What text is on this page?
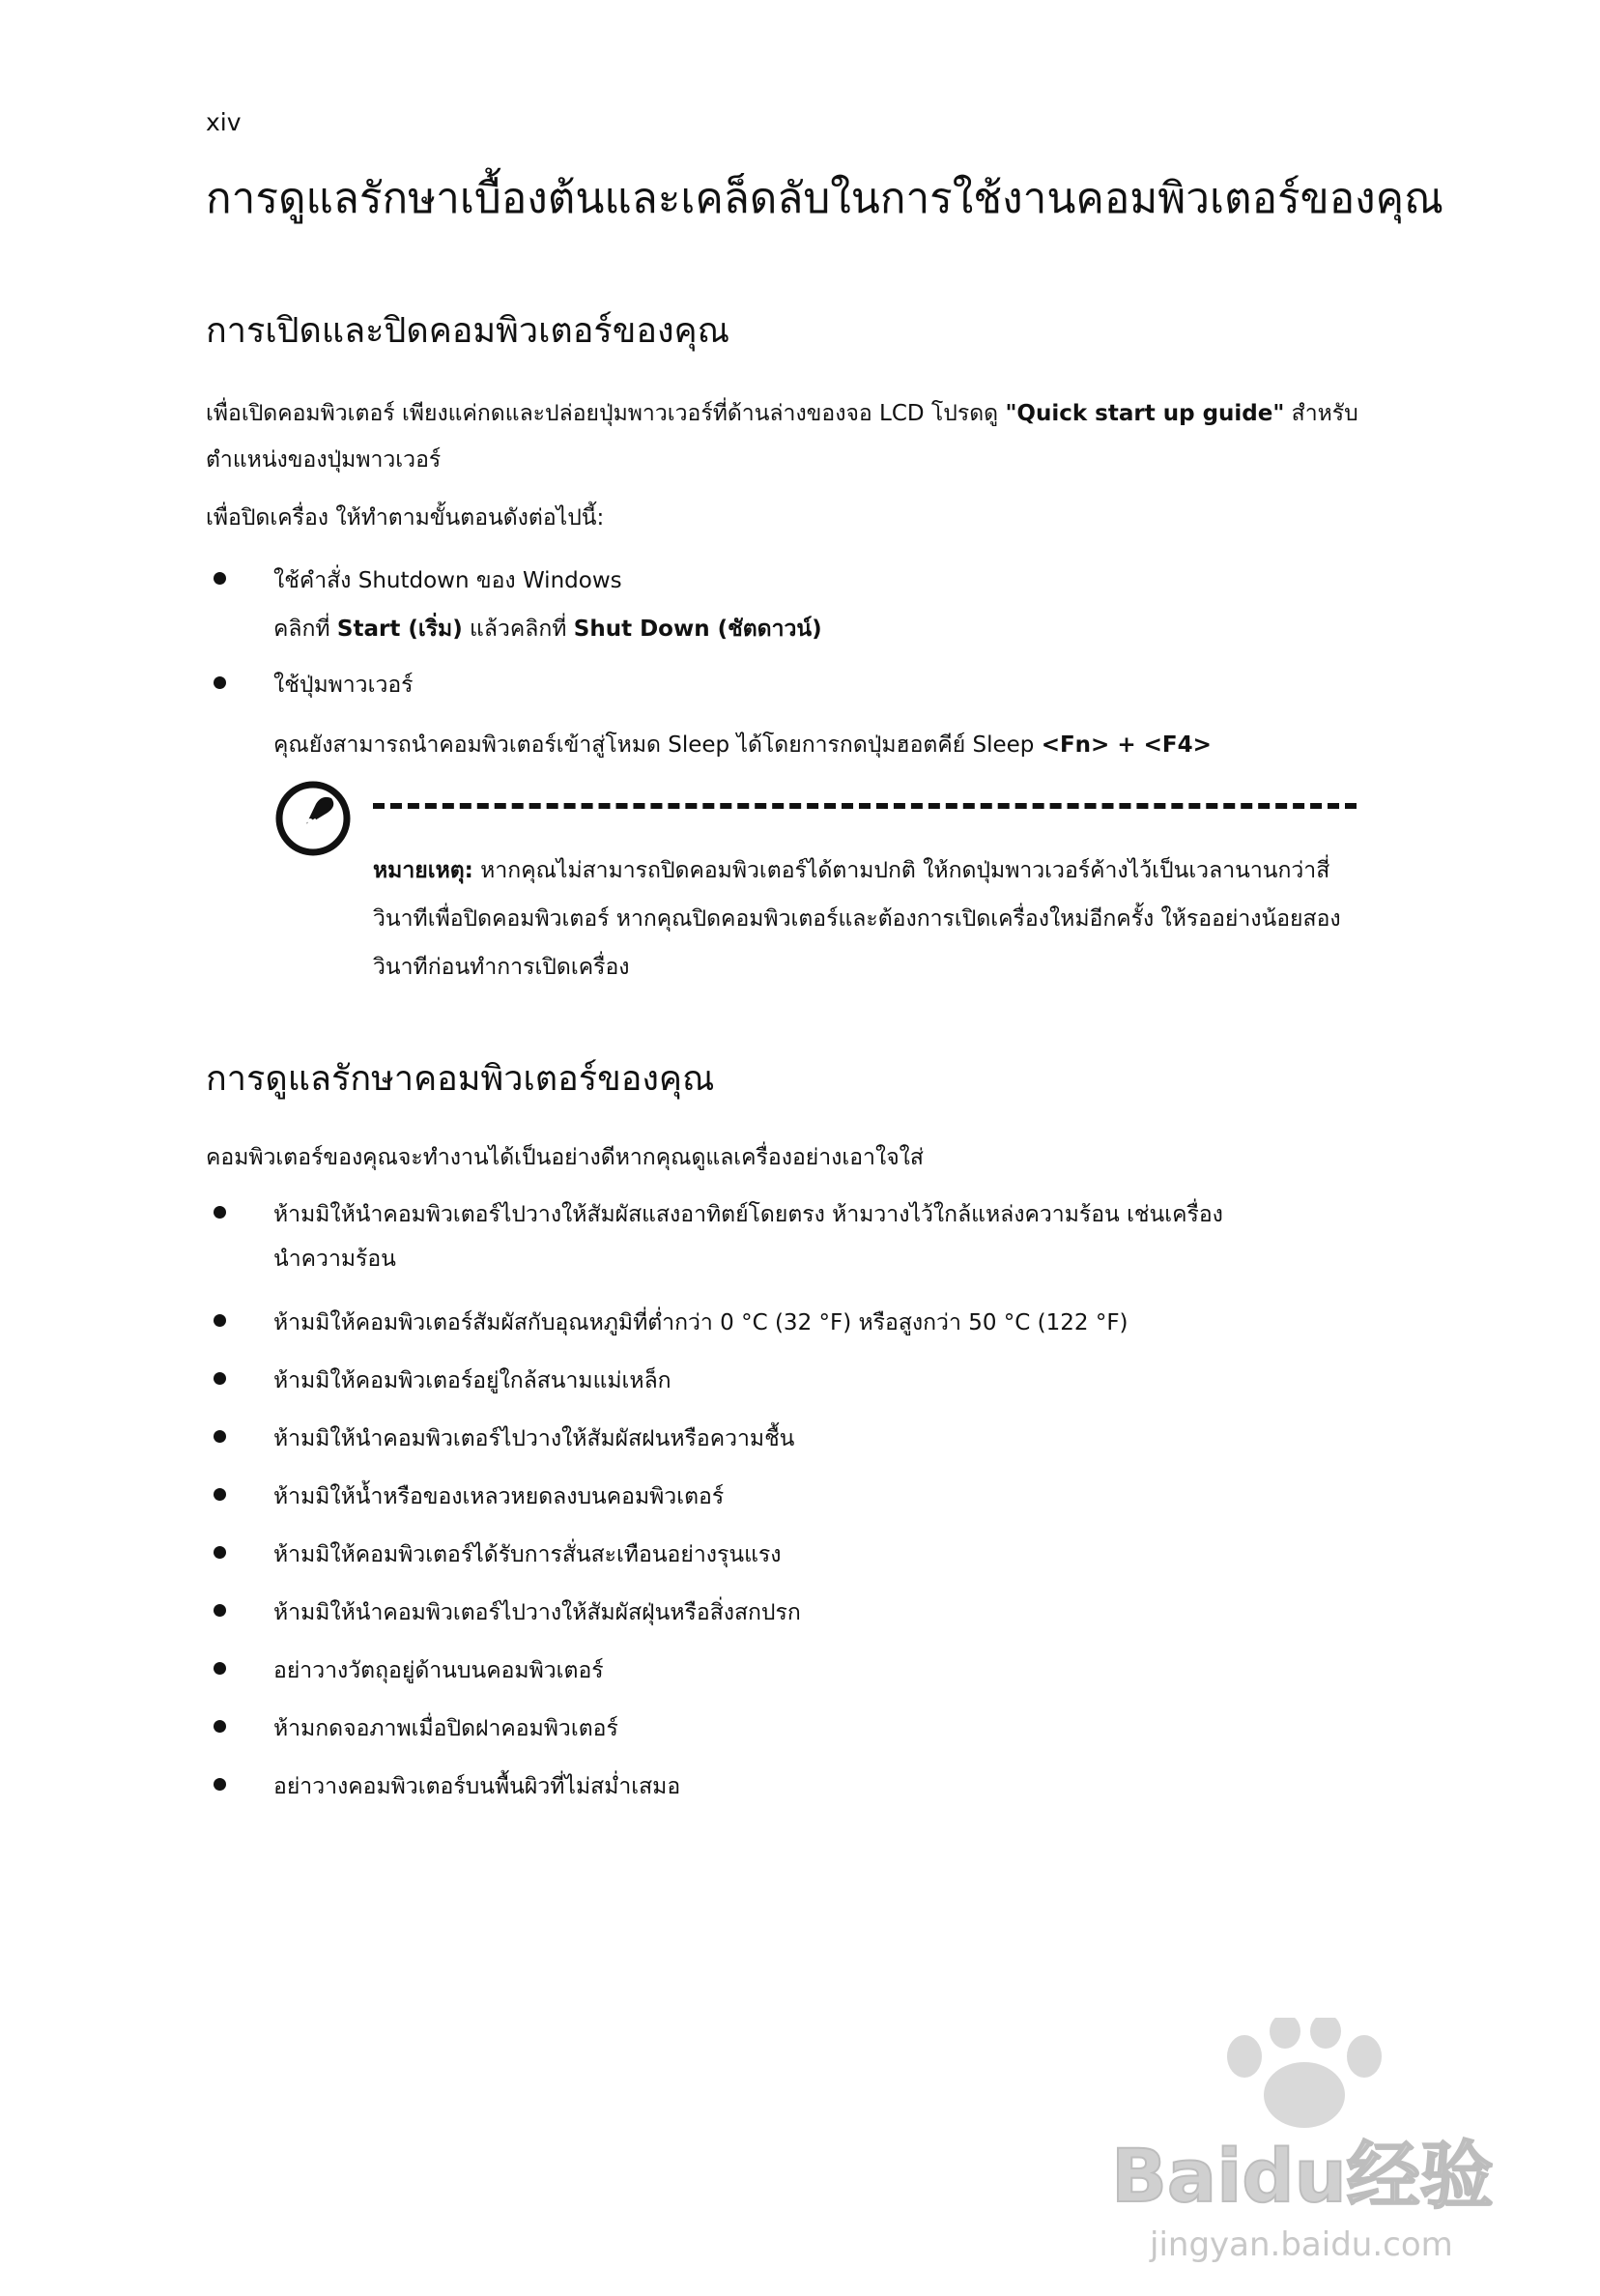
xiv
การดูแลรักษาเบื้องต้นและเคล็ดลับในการใช้งานคอมพิวเตอร์ของคุณ
การเปิดและปิดคอมพิวเตอร์ของคุณ

เพื่อเปิดคอมพิวเตอร์ เพียงแค่กดและปล่อยปุ่มพาวเวอร์ที่ด้านล่างของจอ LCD โปรดดู "Quick start up guide" สำหรับตำแหน่งของปุ่มพาวเวอร์

เพื่อปิดเครื่อง ให้ทำตามขั้นตอนดังต่อไปนี้:

ใช้คำสั่ง Shutdown ของ Windows
คลิกที่ Start (เริ่ม) แล้วคลิกที่ Shut Down (ชัตดาวน์)
ใช้ปุ่มพาวเวอร์
คุณยังสามารถนำคอมพิวเตอร์เข้าสู่โหมด Sleep ได้โดยการกดปุ่มฮอตคีย์ Sleep <Fn> + <F4>
หมายเหตุ: หากคุณไม่สามารถปิดคอมพิวเตอร์ได้ตามปกติ ให้กดปุ่มพาวเวอร์ค้างไว้เป็นเวลานานกว่าสี่วินาทีเพื่อปิดคอมพิวเตอร์ หากคุณปิดคอมพิวเตอร์และต้องการเปิดเครื่องใหม่อีกครั้ง ให้รออย่างน้อยสองวินาทีก่อนทำการเปิดเครื่อง
การดูแลรักษาคอมพิวเตอร์ของคุณ

คอมพิวเตอร์ของคุณจะทำงานได้เป็นอย่างดีหากคุณดูแลเครื่องอย่างเอาใจใส่

ห้ามมิให้นำคอมพิวเตอร์ไปวางให้สัมผัสแสงอาทิตย์โดยตรง ห้ามวางไว้ใกล้แหล่งความร้อน เช่นเครื่องนำความร้อน
ห้ามมิให้คอมพิวเตอร์สัมผัสกับอุณหภูมิที่ต่ำกว่า 0 °C (32 °F) หรือสูงกว่า 50 °C (122 °F)
ห้ามมิให้คอมพิวเตอร์อยู่ใกล้สนามแม่เหล็ก
ห้ามมิให้นำคอมพิวเตอร์ไปวางให้สัมผัสฝนหรือความชื้น
ห้ามมิให้น้ำหรือของเหลวหยดลงบนคอมพิวเตอร์
ห้ามมิให้คอมพิวเตอร์ได้รับการสั่นสะเทือนอย่างรุนแรง
ห้ามมิให้นำคอมพิวเตอร์ไปวางให้สัมผัสฝุ่นหรือสิ่งสกปรก
อย่าวางวัตถุอยู่ด้านบนคอมพิวเตอร์
ห้ามกดจอภาพเมื่อปิดฝาคอมพิวเตอร์
อย่าวางคอมพิวเตอร์บนพื้นผิวที่ไม่สม่ำเสมอ
Baidu经验
jingyan.baidu.com
